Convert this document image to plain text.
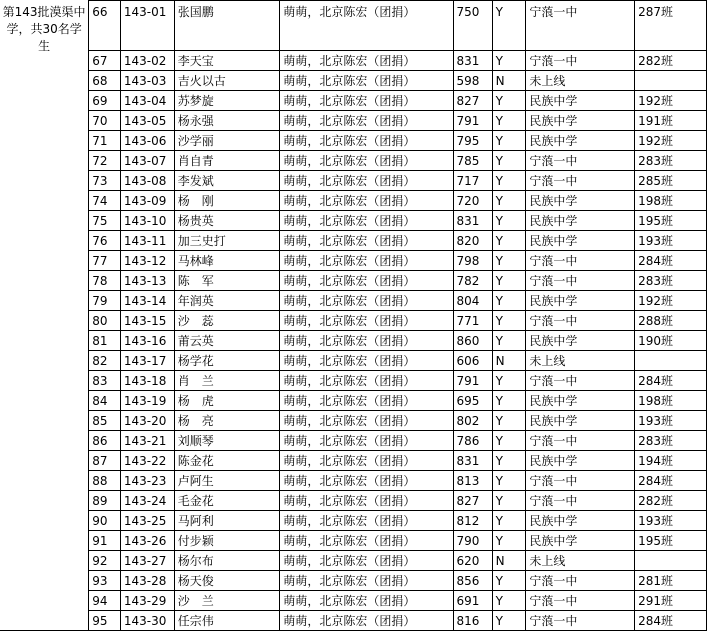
第143批漠渠中学，共30名学生	66	143-01	张国鹏	萌萌，北京陈宏（团捐）	750	Y	宁蒗一中	287班
	67	143-02	李天宝	萌萌，北京陈宏（团捐）	831	Y	宁蒗一中	282班
	68	143-03	吉火以古	萌萌，北京陈宏（团捐）	598	N	未上线	
	69	143-04	苏梦旋	萌萌，北京陈宏（团捐）	827	Y	民族中学	192班
	70	143-05	杨永强	萌萌，北京陈宏（团捐）	791	Y	民族中学	191班
	71	143-06	沙学丽	萌萌，北京陈宏（团捐）	795	Y	民族中学	192班
	72	143-07	肖自青	萌萌，北京陈宏（团捐）	785	Y	宁蒗一中	283班
	73	143-08	李发斌	萌萌，北京陈宏（团捐）	717	Y	宁蒗一中	285班
	74	143-09	杨　刚	萌萌，北京陈宏（团捐）	720	Y	民族中学	198班
	75	143-10	杨贵英	萌萌，北京陈宏（团捐）	831	Y	民族中学	195班
	76	143-11	加三史打	萌萌，北京陈宏（团捐）	820	Y	民族中学	193班
	77	143-12	马林峰	萌萌，北京陈宏（团捐）	798	Y	宁蒗一中	284班
	78	143-13	陈　军	萌萌，北京陈宏（团捐）	782	Y	宁蒗一中	283班
	79	143-14	年润英	萌萌，北京陈宏（团捐）	804	Y	民族中学	192班
	80	143-15	沙　蕊	萌萌，北京陈宏（团捐）	771	Y	宁蒗一中	288班
	81	143-16	莆云英	萌萌，北京陈宏（团捐）	860	Y	民族中学	190班
	82	143-17	杨学花	萌萌，北京陈宏（团捐）	606	N	未上线	
	83	143-18	肖　兰	萌萌，北京陈宏（团捐）	791	Y	宁蒗一中	284班
	84	143-19	杨　虎	萌萌，北京陈宏（团捐）	695	Y	民族中学	198班
	85	143-20	杨　亮	萌萌，北京陈宏（团捐）	802	Y	民族中学	193班
	86	143-21	刘顺琴	萌萌，北京陈宏（团捐）	786	Y	宁蒗一中	283班
	87	143-22	陈金花	萌萌，北京陈宏（团捐）	831	Y	民族中学	194班
	88	143-23	卢阿生	萌萌，北京陈宏（团捐）	813	Y	宁蒗一中	284班
	89	143-24	毛金花	萌萌，北京陈宏（团捐）	827	Y	宁蒗一中	282班
	90	143-25	马阿利	萌萌，北京陈宏（团捐）	812	Y	民族中学	193班
	91	143-26	付步颖	萌萌，北京陈宏（团捐）	790	Y	民族中学	195班
	92	143-27	杨尔布	萌萌，北京陈宏（团捐）	620	N	未上线	
	93	143-28	杨天俊	萌萌，北京陈宏（团捐）	856	Y	宁蒗一中	281班
	94	143-29	沙　兰	萌萌，北京陈宏（团捐）	691	Y	宁蒗一中	291班
	95	143-30	任宗伟	萌萌，北京陈宏（团捐）	816	Y	宁蒗一中	284班
